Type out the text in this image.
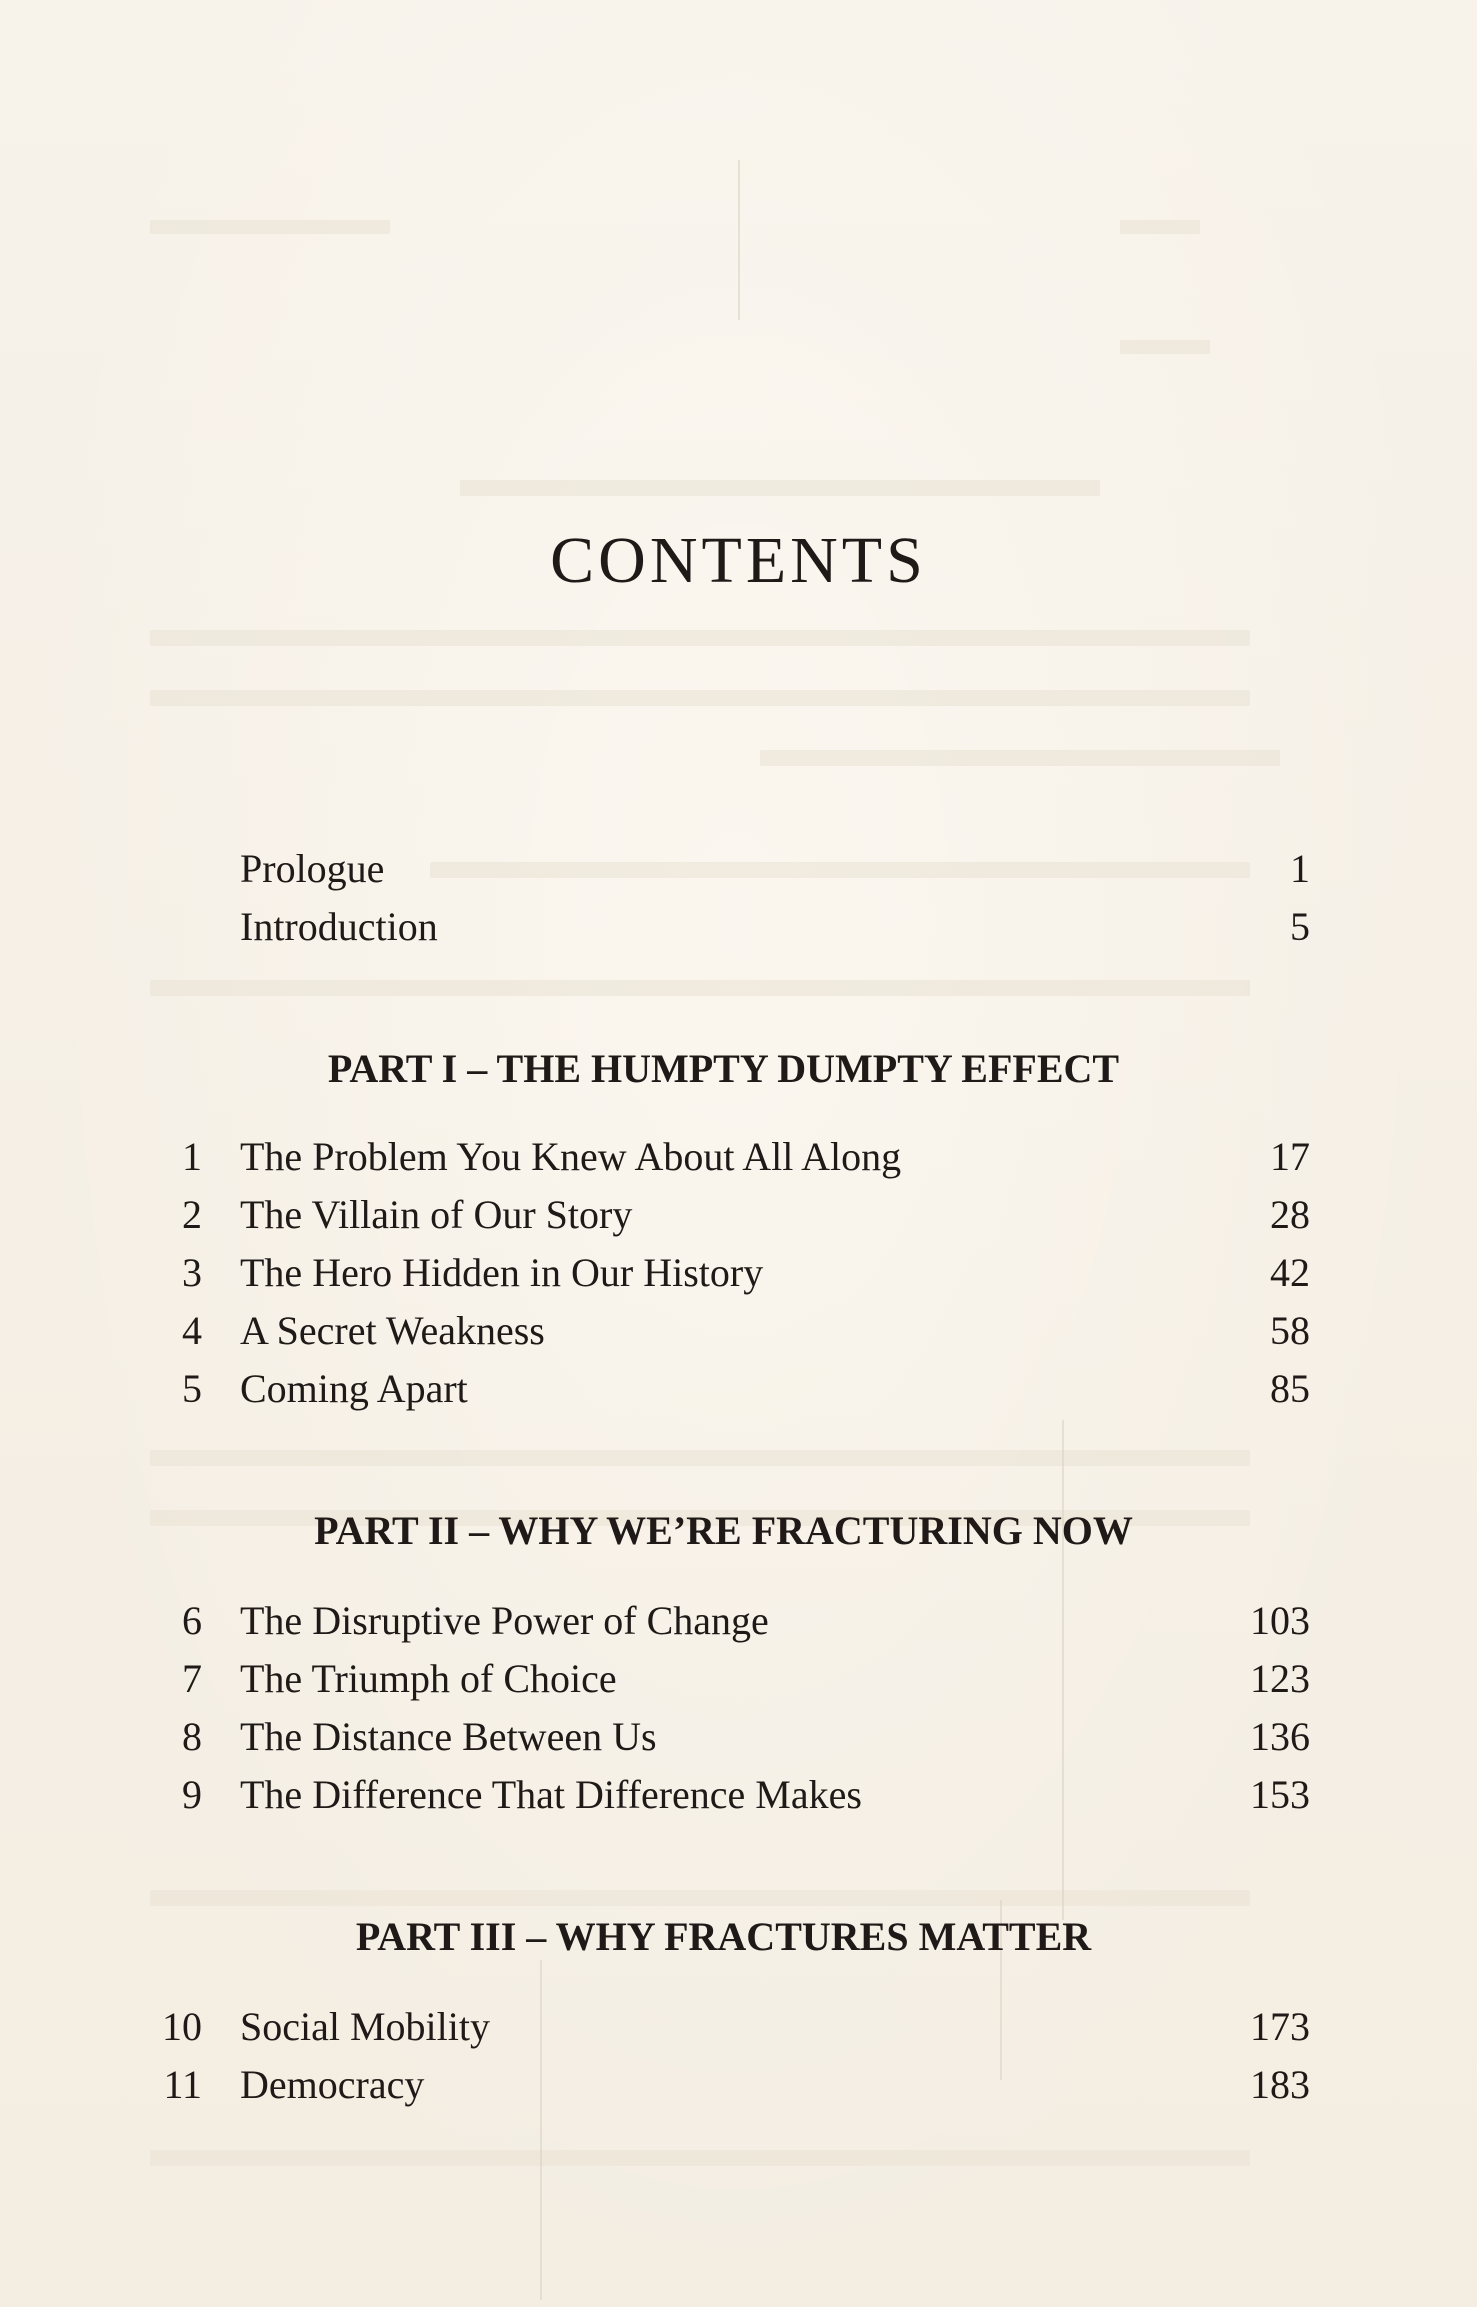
CONTENTS
Prologue	1
Introduction	5
PART I – THE HUMPTY DUMPTY EFFECT
1 The Problem You Knew About All Along	17
2 The Villain of Our Story	28
3 The Hero Hidden in Our History	42
4 A Secret Weakness	58
5 Coming Apart	85
PART II – WHY WE’RE FRACTURING NOW
6 The Disruptive Power of Change	103
7 The Triumph of Choice	123
8 The Distance Between Us	136
9 The Difference That Difference Makes	153
PART III – WHY FRACTURES MATTER
10 Social Mobility	173
11 Democracy	183
